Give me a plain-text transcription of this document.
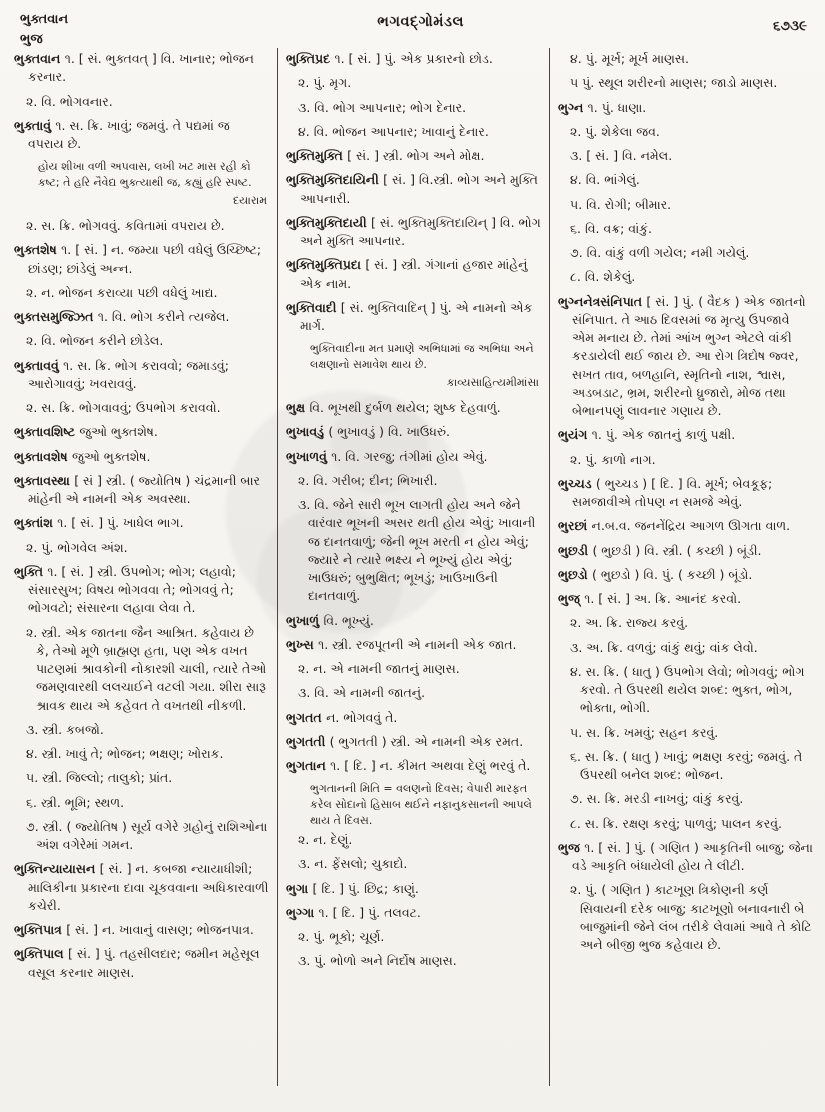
ભુક્તવાન
ભુજ
ભગવદ્ગોમંડલ	૬૭૩૯

ભુક્તવાન ૧. [ સં. ભુક્તવત્ ] વિ. ખાનાર; ભોજન કરનાર.

૨. વિ. ભોગવનાર.

ભુક્તાવું ૧. સ. ક્રિ. ખાવું; જમવું. તે પદ્યમાં જ વપરાય છે.

હોય શીખા વળી અપવાસ, લખી ખટ માસ રહી કો કષ્ટ; તે હરિ નૈવેદ્ય ભુક્ત્યાથી જ, કહ્યું હરિ સ્પષ્ટ.

દયારામ

૨. સ. ક્રિ. ભોગવવું. કવિતામાં વપરાય છે.

ભુક્તશેષ ૧. [ સં. ] ન. જમ્યા પછી વધેલું ઉચ્છિષ્ટ; છાંડણ; છાંડેલું અન્ન.

૨. ન. ભોજન કરાવ્યા પછી વધેલું ખાદ્ય.

ભુક્તસમુજ્ઝિત ૧. વિ. ભોગ કરીને ત્યજેલ.

૨. વિ. ભોજન કરીને છોડેલ.

ભુક્તાવવું ૧. સ. ક્રિ. ભોગ કરાવવો; જમાડવું; આરોગાવવું; ખવરાવવું.

૨. સ. ક્રિ. ભોગવાવવું; ઉપભોગ કરાવવો.

ભુક્તાવશિષ્ટ જુઓ ભુક્તશેષ.

ભુક્તાવશેષ જુઓ ભુક્તશેષ.

ભુક્તાવસ્થા [ સં ] સ્ત્રી. ( જ્યોતિષ ) ચંદ્રમાની બાર માંહેની એ નામની એક અવસ્થા.

ભુક્તાંશ ૧. [ સં. ] પું. ખાધેલ ભાગ.

૨. પું. ભોગવેલ અંશ.

ભુક્તિ ૧. [ સં. ] સ્ત્રી. ઉપભોગ; ભોગ; લહાવો; સંસારસુખ; વિષય ભોગવવા તે; ભોગવવું તે; ભોગવટો; સંસારના લહાવા લેવા તે.

૨. સ્ત્રી. એક જાતના જૈન આશ્રિત. કહેવાય છે કે, તેઓ મૂળે બ્રાહ્મણ હતા, પણ એક વખત પાટણમાં શ્રાવકોની નોકારશી ચાલી, ત્યારે તેઓ જમણવારથી લલચાઈને વટલી ગયા. શીરા સારૂ શ્રાવક થાય એ કહેવત તે વખતથી નીકળી.

૩. સ્ત્રી. કબજો.

૪. સ્ત્રી. ખાવું તે; ભોજન; ભક્ષણ; ખોરાક.

૫. સ્ત્રી. જિલ્લો; તાલુકો; પ્રાંત.

૬. સ્ત્રી. ભૂમિ; સ્થળ.

૭. સ્ત્રી. ( જ્યોતિષ ) સૂર્ય વગેરે ગ્રહોનું રાશિઓના અંશ વગેરેમાં ગમન.

ભુક્તિન્યાયાસન [ સં. ] ન. કબજા ન્યાયાધીશી; માલિકીના પ્રકારના દાવા ચૂકવવાના અધિકારવાળી કચેરી.

ભુક્તિપાત્ર [ સં. ] ન. ખાવાનું વાસણ; ભોજનપાત્ર.

ભુક્તિપાલ [ સં. ] પું. તહસીલદાર; જમીન મહેસૂલ વસૂલ કરનાર માણસ.

ભુક્તિપ્રદ ૧. [ સં. ] પું. એક પ્રકારનો છોડ.

૨. પું. મૃગ.

૩. વિ. ભોગ આપનાર; ભોગ દેનાર.

૪. વિ. ભોજન આપનાર; ખાવાનું દેનાર.

ભુક્તિમુક્તિ [ સં. ] સ્ત્રી. ભોગ અને મોક્ષ.

ભુક્તિમુક્તિદાયિની [ સં. ] વિ.સ્ત્રી. ભોગ અને મુક્તિ આપનારી.

ભુક્તિમુક્તિદાયી [ સં. ભુક્તિમુક્તિદાયિન્ ] વિ. ભોગ અને મુક્તિ આપનાર.

ભુક્તિમુક્તિપ્રદા [ સં. ] સ્ત્રી. ગંગાનાં હજાર માંહેનું એક નામ.

ભુક્તિવાદી [ સં. ભુક્તિવાદિન્ ] પું. એ નામનો એક માર્ગ.

ભુક્તિવાદીના મત પ્રમાણે અભિધામાં જ અભિધા અને લક્ષણાનો સમાવેશ થાય છે.

કાવ્યસાહિત્યમીમાંસા

ભુક્ષ વિ. ભૂખથી દુર્બળ થયેલ; શુષ્ક દેહવાળું.

ભુખાવડું ( ભુખાવડું ) વિ. ખાઉધરું.

ભુખાળવું ૧. વિ. ગરજુ; તંગીમાં હોય એવું.

૨. વિ. ગરીબ; દીન; ભિખારી.

૩. વિ. જેને સારી ભૂખ લાગતી હોય અને જેને વારંવાર ભૂખની અસર થતી હોય એવું; ખાવાની જ દાનતવાળું; જેની ભૂખ મરતી ન હોય એવું; જ્યારે ને ત્યારે ભક્ષ્ય ને ભૂખ્યું હોય એવું; ખાઉધરું; બુભુક્ષિત; ભૂખડું; ખાઉખાઉની દાનતવાળું.

ભુખાળું વિ. ભૂખ્યું.

ભુખ્સ ૧. સ્ત્રી. રજપૂતની એ નામની એક જાત.

૨. ન. એ નામની જાતનું માણસ.

૩. વિ. એ નામની જાતનું.

ભુગતત ન. ભોગવવું તે.

ભુગતતી ( ભુગતતી ) સ્ત્રી. એ નામની એક રમત.

ભુગતાન ૧. [ દિ. ] ન. કીમત અથવા દેણું ભરવું તે.

ભુગતાનની મિતિ = વલણનો દિવસ; વેપારી મારફત કરેલ સોદાનો હિસાબ થઈને નફાનુકસાનની આપલે થાય તે દિવસ.

૨. ન. દેણું.

૩. ન. ફેંસલો; ચુકાદો.

ભુગા [ દિ. ] પું. છિદ્ર; કાણું.

ભુગ્ગા ૧. [ દિ. ] પું. તલવટ.

૨. પું. ભૂકો; ચૂર્ણ.

૩. પું. ભોળો અને નિર્દોષ માણસ.

૪. પું. મૂર્ખ; મૂર્ખ માણસ.

૫ પું. સ્થૂલ શરીરનો માણસ; જાડો માણસ.

ભુગ્ન ૧. પું. ધાણા.

૨. પું. શેકેલા જવ.

૩. [ સં. ] વિ. નમેલ.

૪. વિ. ભાંગેલું.

૫. વિ. રોગી; બીમાર.

૬. વિ. વક્ર; વાંકું.

૭. વિ. વાંકું વળી ગયેલ; નમી ગયેલું.

૮. વિ. શેકેલું.

ભુગ્નનેત્રસંનિપાત [ સં. ] પું. ( વૈદક ) એક જાતનો સંનિપાત. તે આઠ દિવસમાં જ મૃત્યુ ઉપજાવે એમ મનાય છે. તેમાં આંખ ભુગ્ન એટલે વાંકી કરડાયેલી થઈ જાય છે. આ રોગ ત્રિદોષ જ્વર, સખત તાવ, બળહાનિ, સ્મૃતિનો નાશ, શ્વાસ, અડબડાટ, ભ્રમ, શરીરનો ધ્રુજારો, મોજ તથા બેભાનપણું લાવનાર ગણાય છે.

ભુયંગ ૧. પું. એક જાતનું કાળું પક્ષી.

૨. પું. કાળો નાગ.

ભુચ્ચડ ( ભુચ્ચડ ) [ દિ. ] વિ. મૂર્ખ; બેવકૂફ; સમજાવીએ તોપણ ન સમજે એવું.

ભુરછાં ન.બ.વ. જનનેંદ્રિય આગળ ઊગતા વાળ.

ભુછડી ( ભુછડી ) વિ. સ્ત્રી. ( કચ્છી ) બૂંડી.

ભુછડો ( ભુછડો ) વિ. પું. ( કચ્છી ) બૂંડો.

ભુજ્ ૧. [ સં. ] અ. ક્રિ. આનંદ કરવો.

૨. અ. ક્રિ. રાજ્ય કરવું.

૩. અ. ક્રિ. વળવું; વાંકું થવું; વાંક લેવો.

૪. સ. ક્રિ. ( ધાતુ ) ઉપભોગ લેવો; ભોગવવું; ભોગ કરવો. તે ઉપરથી થયેલ શબ્દ: ભુક્ત, ભોગ, ભોક્તા, ભોગી.

૫. સ. ક્રિ. ખમવું; સહન કરવું.

૬. સ. ક્રિ. ( ધાતુ ) ખાવું; ભક્ષણ કરવું; જમવું. તે ઉપરથી બનેલ શબ્દ: ભોજન.

૭. સ. ક્રિ. મરડી નાખવું; વાંકું કરવું.

૮. સ. ક્રિ. રક્ષણ કરવું; પાળવું; પાલન કરવું.

ભુજ ૧. [ સં. ] પું. ( ગણિત ) આકૃતિની બાજુ; જેના વડે આકૃતિ બંધાયેલી હોય તે લીટી.

૨. પું. ( ગણિત ) કાટખૂણ ત્રિકોણની કર્ણ સિવાયની દરેક બાજુ; કાટખૂણો બનાવનારી બે બાજુમાંની જેને લંબ તરીકે લેવામાં આવે તે કોટિ અને બીજી ભુજ કહેવાય છે.
